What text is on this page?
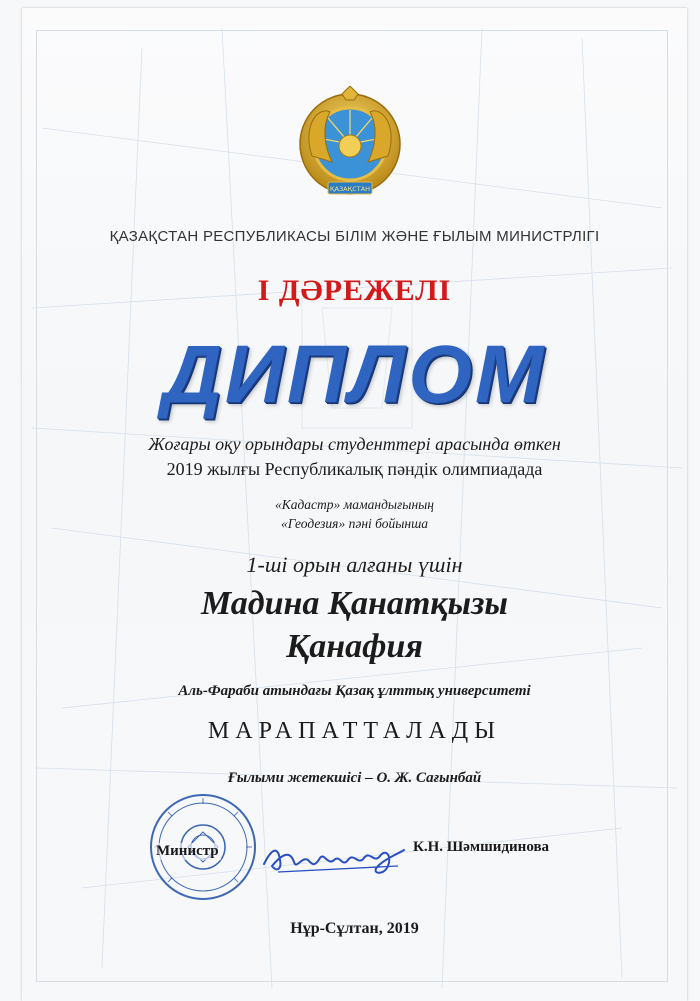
ҚАЗАҚСТАН
ҚАЗАҚСТАН РЕСПУБЛИКАСЫ БІЛІМ ЖӘНЕ ҒЫЛЫМ МИНИСТРЛІГІ
І ДӘРЕЖЕЛІ
ДИПЛОМ
Жоғары оқу орындары студенттері арасында өткен
2019 жылғы Республикалық пәндік олимпиадада
«Кадастр» мамандығының
«Геодезия» пәні бойынша
1-ші орын алғаны үшін
Мадина Қанатқызы
Қанафия
Аль-Фараби атындағы Қазақ ұлттық университеті
МАРАПАТТАЛАДЫ
Ғылыми жетекшісі – О. Ж. Сағынбай
Министр	К.Н. Шәмшидинова
Нұр-Сұлтан, 2019
